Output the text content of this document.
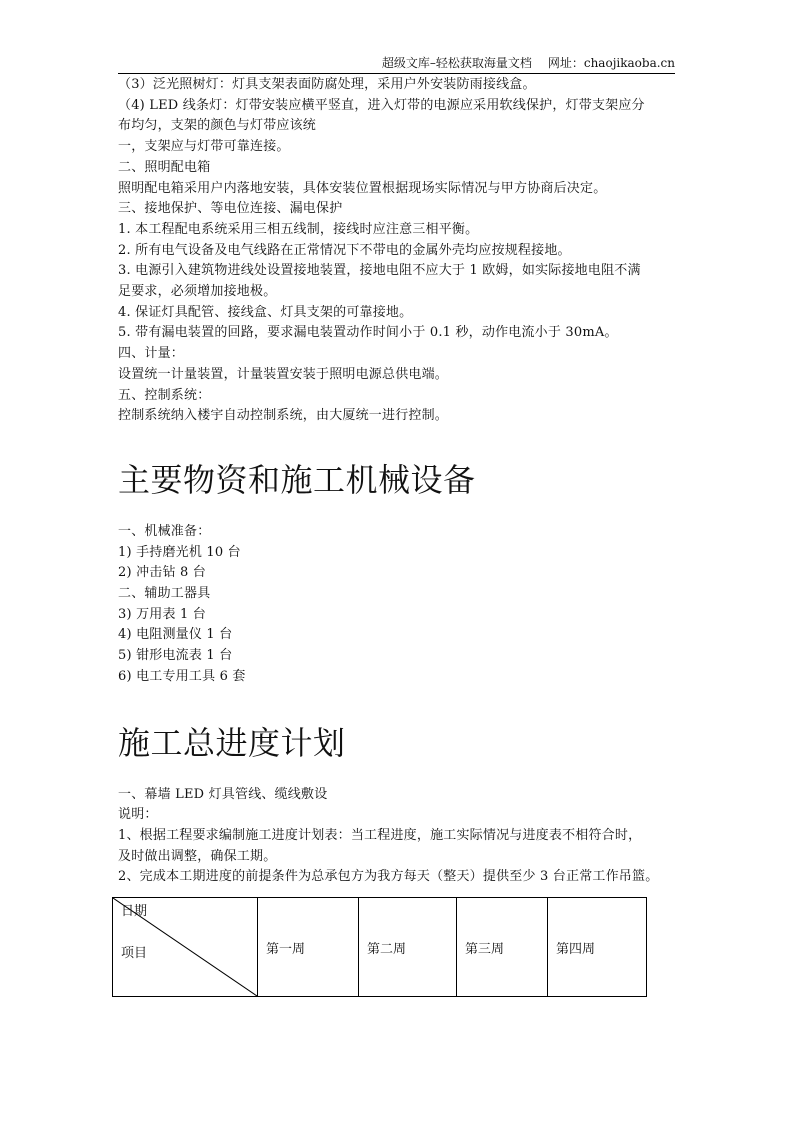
超级文库–轻松获取海量文档 网址：chaojikaoba.cn
（3）泛光照树灯：灯具支架表面防腐处理，采用户外安装防雨接线盒。
（4) LED 线条灯：灯带安装应横平竖直，进入灯带的电源应采用软线保护，灯带支架应分
布均匀，支架的颜色与灯带应该统
一，支架应与灯带可靠连接。
二、照明配电箱
照明配电箱采用户内落地安装，具体安装位置根据现场实际情况与甲方协商后决定。
三、接地保护、等电位连接、漏电保护
1. 本工程配电系统采用三相五线制，接线时应注意三相平衡。
2. 所有电气设备及电气线路在正常情况下不带电的金属外壳均应按规程接地。
3. 电源引入建筑物进线处设置接地装置，接地电阻不应大于 1 欧姆，如实际接地电阻不满
足要求，必须增加接地极。
4. 保证灯具配管、接线盒、灯具支架的可靠接地。
5. 带有漏电装置的回路，要求漏电装置动作时间小于 0.1 秒，动作电流小于 30mA。
四、计量：
设置统一计量装置，计量装置安装于照明电源总供电端。
五、控制系统：
控制系统纳入楼宇自动控制系统，由大厦统一进行控制。
主要物资和施工机械设备
一、机械准备：
1) 手持磨光机 10 台
2) 冲击钻 8 台
二、辅助工器具
3) 万用表 1 台
4) 电阻测量仪 1 台
5) 钳形电流表 1 台
6) 电工专用工具 6 套
施工总进度计划
一、幕墙 LED 灯具管线、缆线敷设
说明：
1、根据工程要求编制施工进度计划表：当工程进度，施工实际情况与进度表不相符合时，
及时做出调整，确保工期。
2、完成本工期进度的前提条件为总承包方为我方每天（整天）提供至少 3 台正常工作吊篮。
日期
项目	第一周	第二周	第三周	第四周
